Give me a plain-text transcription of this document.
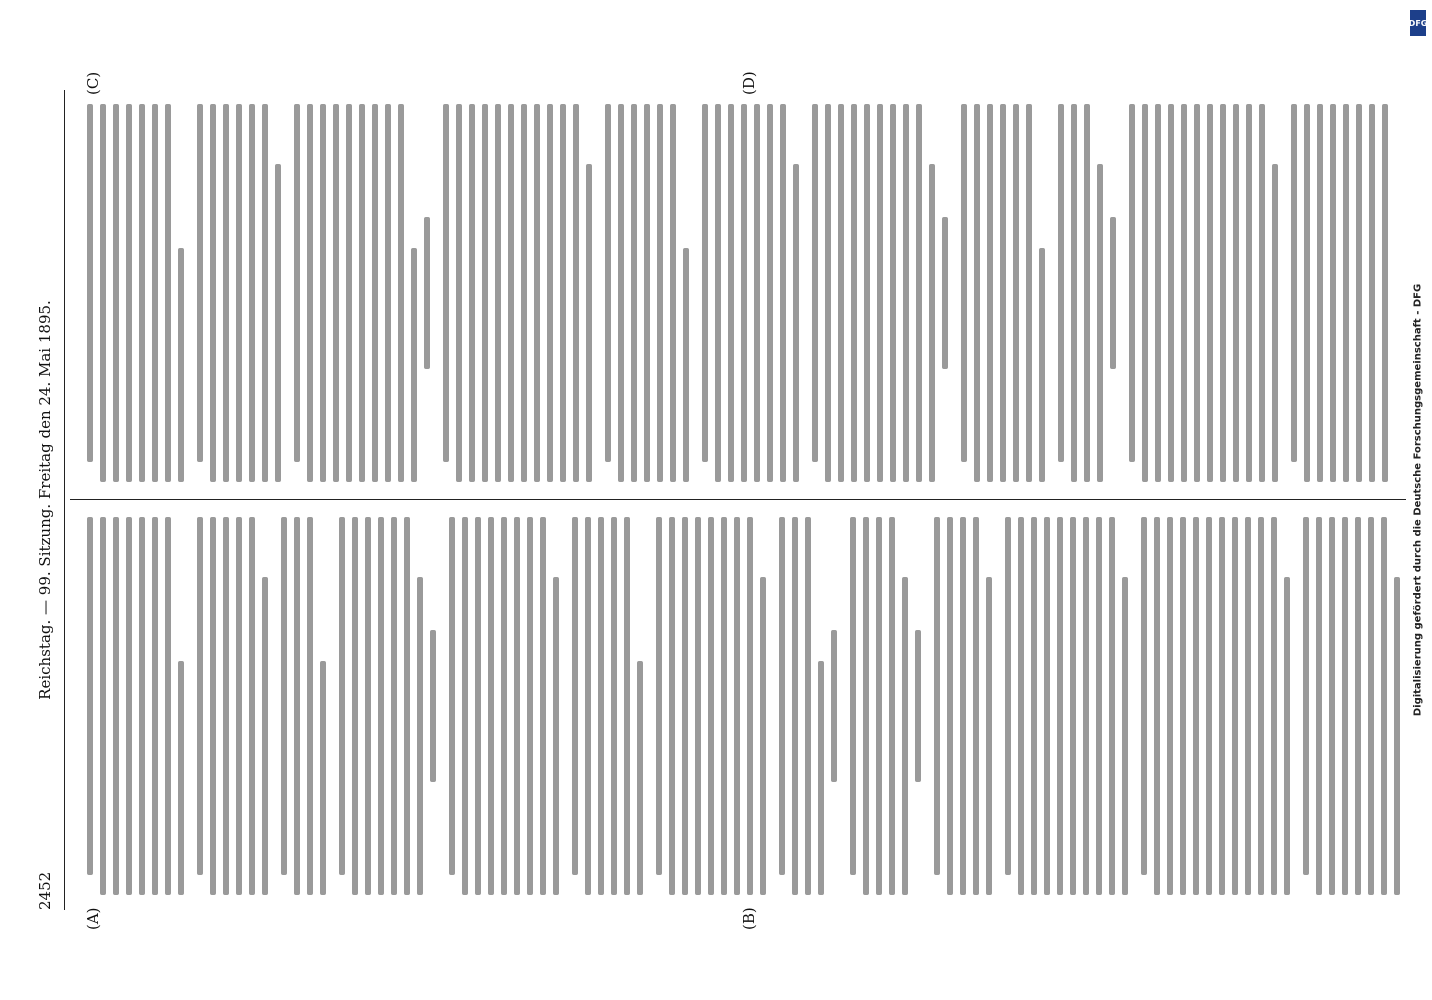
2452
Reichstag. — 99. Sitzung. Freitag den 24. Mai 1895.
(A)	(B)
(C)	(D)
DFG
Digitalisierung gefördert durch die Deutsche Forschungsgemeinschaft - DFG
